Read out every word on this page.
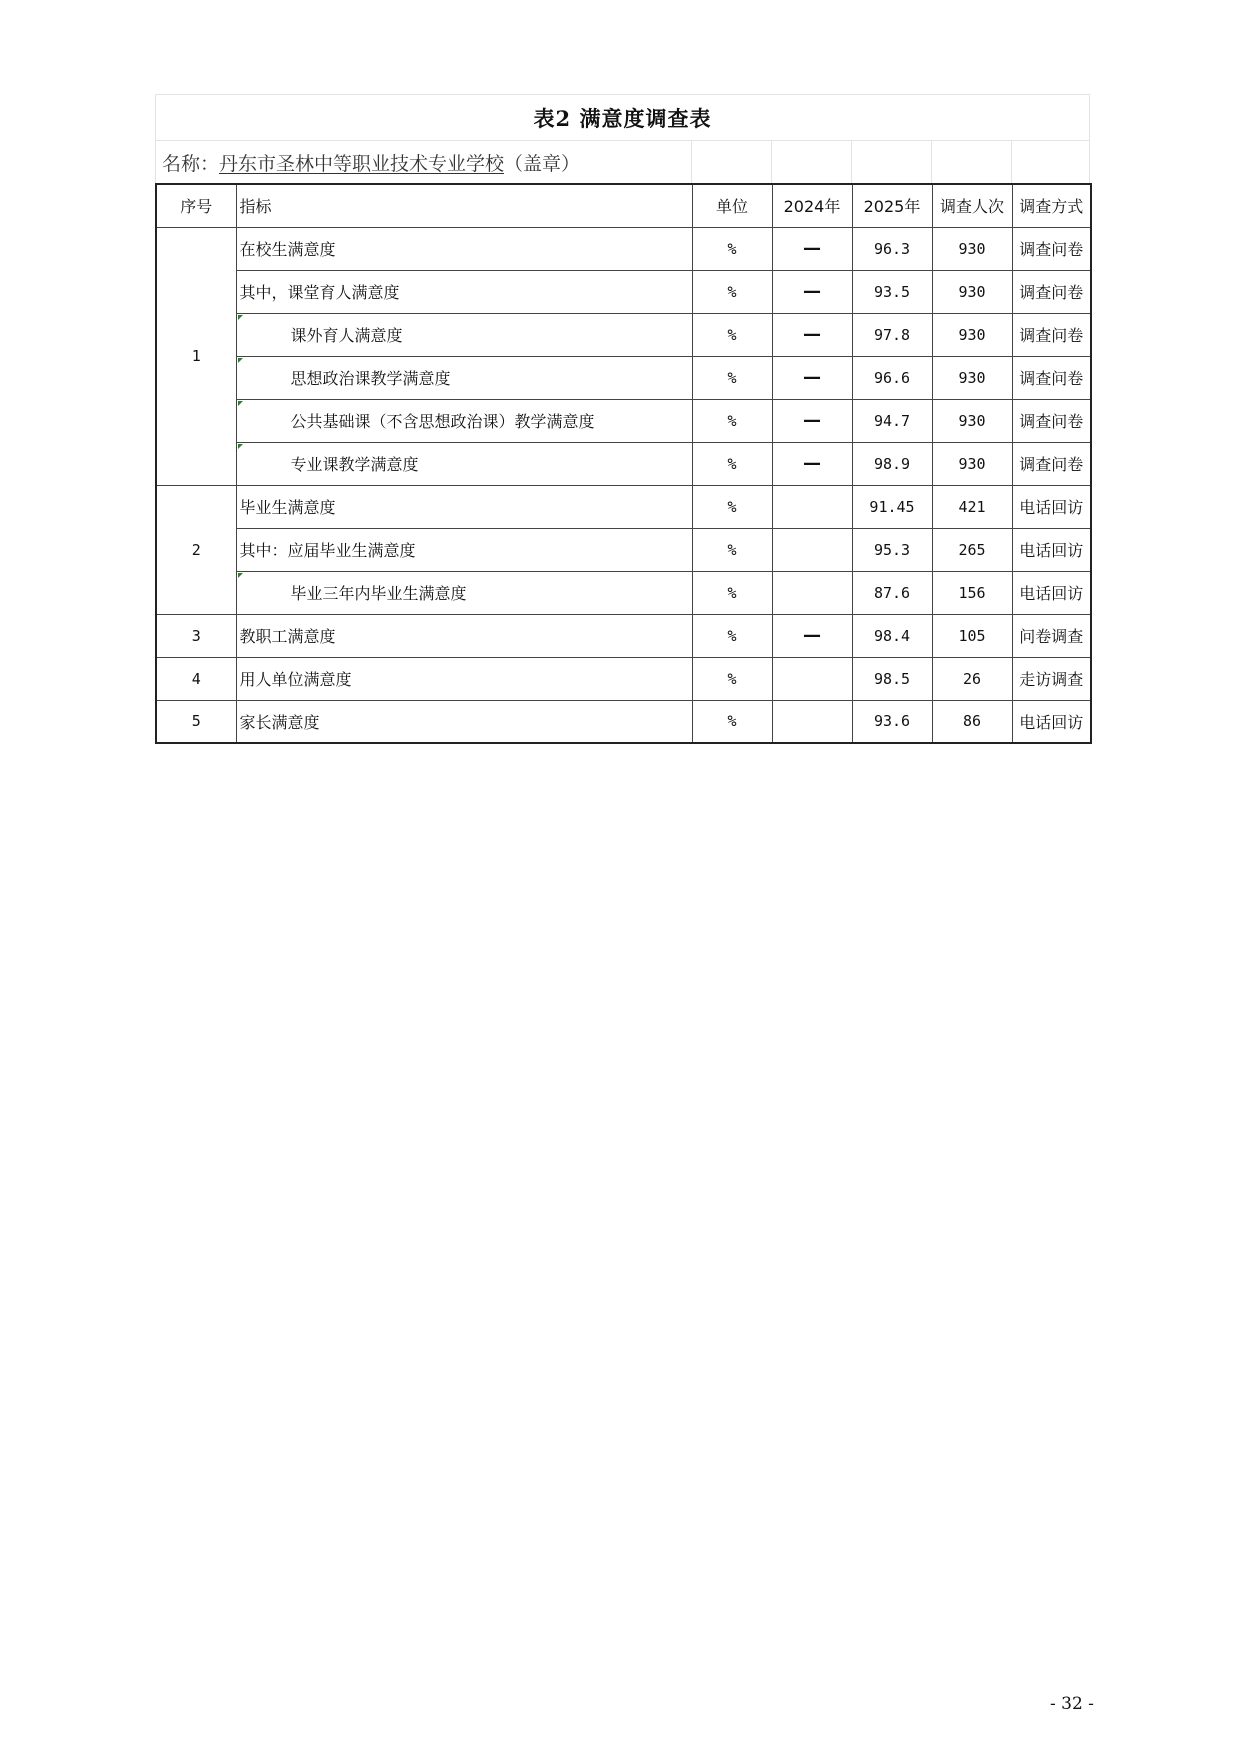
表2 满意度调查表
名称： 丹东市圣林中等职业技术专业学校 （盖章）
序号	指标	单位	2024年	2025年	调查人次	调查方式
1	在校生满意度	%	—	96.3	930	调查问卷
	其中，课堂育人满意度	%	—	93.5	930	调查问卷
	课外育人满意度	%	—	97.8	930	调查问卷
	思想政治课教学满意度	%	—	96.6	930	调查问卷
	公共基础课（不含思想政治课）教学满意度	%	—	94.7	930	调查问卷
	专业课教学满意度	%	—	98.9	930	调查问卷
2	毕业生满意度	%		91.45	421	电话回访
	其中：应届毕业生满意度	%		95.3	265	电话回访
	毕业三年内毕业生满意度	%		87.6	156	电话回访
3	教职工满意度	%	—	98.4	105	问卷调查
4	用人单位满意度	%		98.5	26	走访调查
5	家长满意度	%		93.6	86	电话回访
- 32 -
